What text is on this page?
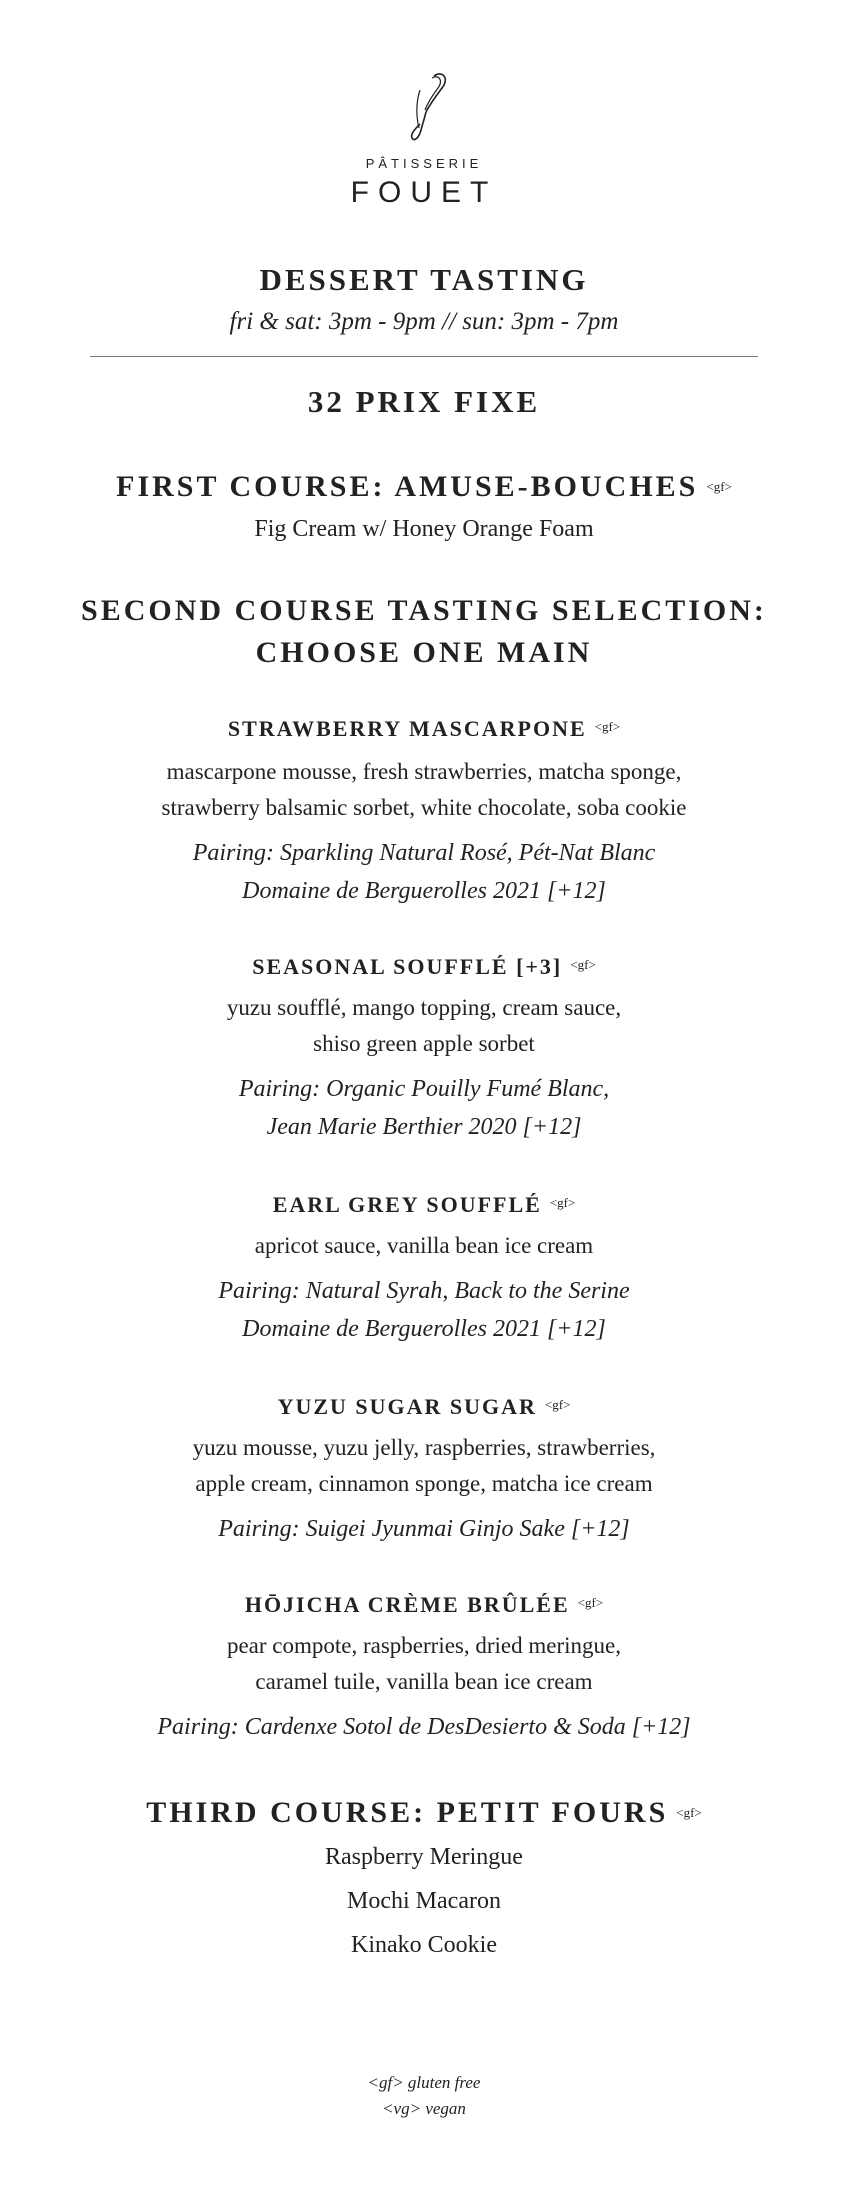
PÂTISSERIE
FOUET
DESSERT TASTING
fri & sat: 3pm - 9pm // sun: 3pm - 7pm
32 PRIX FIXE
FIRST COURSE: AMUSE-BOUCHES <gf>
Fig Cream w/ Honey Orange Foam
SECOND COURSE TASTING SELECTION:
CHOOSE ONE MAIN
STRAWBERRY MASCARPONE $^{<gf>}$
mascarpone mousse, fresh strawberries, matcha sponge,
strawberry balsamic sorbet, white chocolate, soba cookie
Pairing: Sparkling Natural Rosé, Pét-Nat Blanc
Domaine de Berguerolles 2021 [+12]
SEASONAL SOUFFLÉ [+3] $^{<gf>}$
yuzu soufflé, mango topping, cream sauce,
shiso green apple sorbet
Pairing: Organic Pouilly Fumé Blanc,
Jean Marie Berthier 2020 [+12]
EARL GREY SOUFFLÉ $^{<gf>}$
apricot sauce, vanilla bean ice cream
Pairing: Natural Syrah, Back to the Serine
Domaine de Berguerolles 2021 [+12]
YUZU SUGAR SUGAR $^{<gf>}$
yuzu mousse, yuzu jelly, raspberries, strawberries,
apple cream, cinnamon sponge, matcha ice cream
Pairing: Suigei Jyunmai Ginjo Sake [+12]
HŌJICHA CRÈME BRÛLÉE $^{<gf>}$
pear compote, raspberries, dried meringue,
caramel tuile, vanilla bean ice cream
Pairing: Cardenxe Sotol de DesDesierto & Soda [+12]
THIRD COURSE: PETIT FOURS <gf>
Raspberry Meringue
Mochi Macaron
Kinako Cookie
<gf> gluten free
<vg> vegan
